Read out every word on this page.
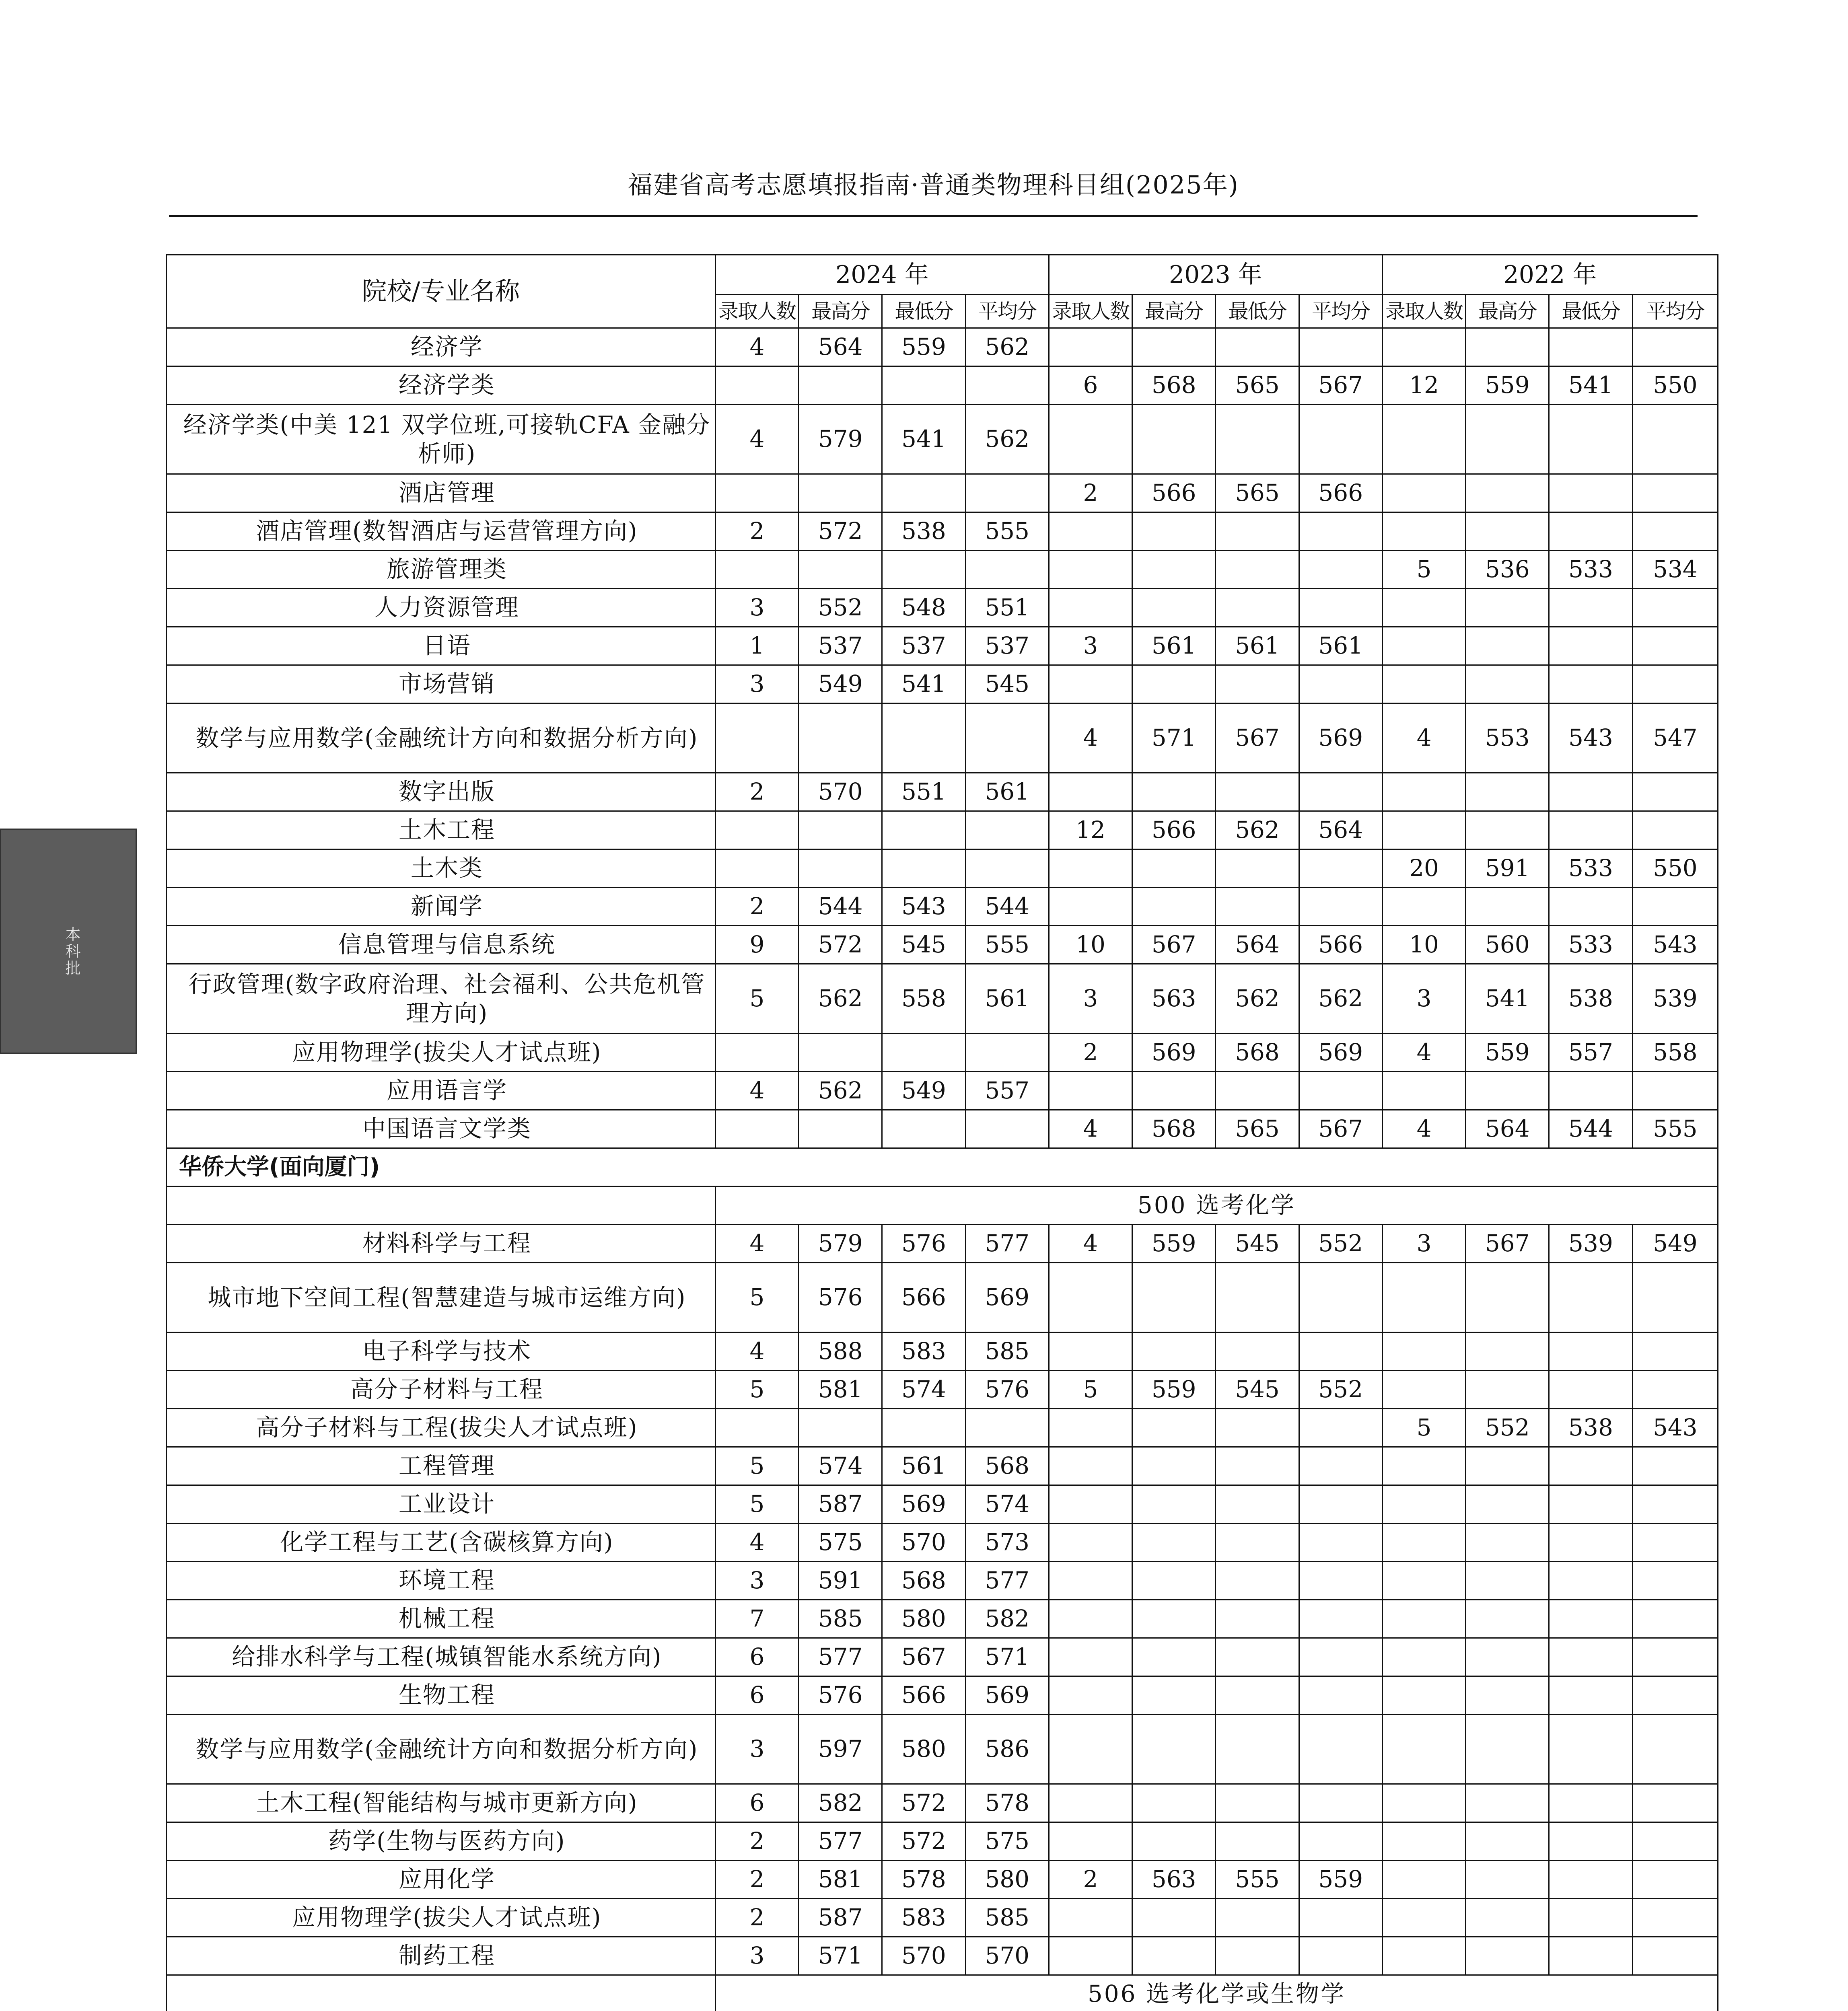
福建省高考志愿填报指南·普通类物理科目组(2025年)
本科批
院校/专业名称	2024 年				2023 年				2022 年			
	录取人数	最高分	最低分	平均分	录取人数	最高分	最低分	平均分	录取人数	最高分	最低分	平均分
经济学	4	564	559	562								
经济学类					6	568	565	567	12	559	541	550
经济学类(中美 121 双学位班,可接轨CFA 金融分析师)	4	579	541	562								
酒店管理					2	566	565	566				
酒店管理(数智酒店与运营管理方向)	2	572	538	555								
旅游管理类									5	536	533	534
人力资源管理	3	552	548	551								
日语	1	537	537	537	3	561	561	561				
市场营销	3	549	541	545								
数学与应用数学(金融统计方向和数据分析方向)					4	571	567	569	4	553	543	547
数字出版	2	570	551	561								
土木工程					12	566	562	564				
土木类									20	591	533	550
新闻学	2	544	543	544								
信息管理与信息系统	9	572	545	555	10	567	564	566	10	560	533	543
行政管理(数字政府治理、社会福利、公共危机管理方向)	5	562	558	561	3	563	562	562	3	541	538	539
应用物理学(拔尖人才试点班)					2	569	568	569	4	559	557	558
应用语言学	4	562	549	557								
中国语言文学类					4	568	565	567	4	564	544	555
华侨大学(面向厦门)												
	500 选考化学											
材料科学与工程	4	579	576	577	4	559	545	552	3	567	539	549
城市地下空间工程(智慧建造与城市运维方向)	5	576	566	569								
电子科学与技术	4	588	583	585								
高分子材料与工程	5	581	574	576	5	559	545	552				
高分子材料与工程(拔尖人才试点班)									5	552	538	543
工程管理	5	574	561	568								
工业设计	5	587	569	574								
化学工程与工艺(含碳核算方向)	4	575	570	573								
环境工程	3	591	568	577								
机械工程	7	585	580	582								
给排水科学与工程(城镇智能水系统方向)	6	577	567	571								
生物工程	6	576	566	569								
数学与应用数学(金融统计方向和数据分析方向)	3	597	580	586								
土木工程(智能结构与城市更新方向)	6	582	572	578								
药学(生物与医药方向)	2	577	572	575								
应用化学	2	581	578	580	2	563	555	559				
应用物理学(拔尖人才试点班)	2	587	583	585								
制药工程	3	571	570	570								
	506 选考化学或生物学											
